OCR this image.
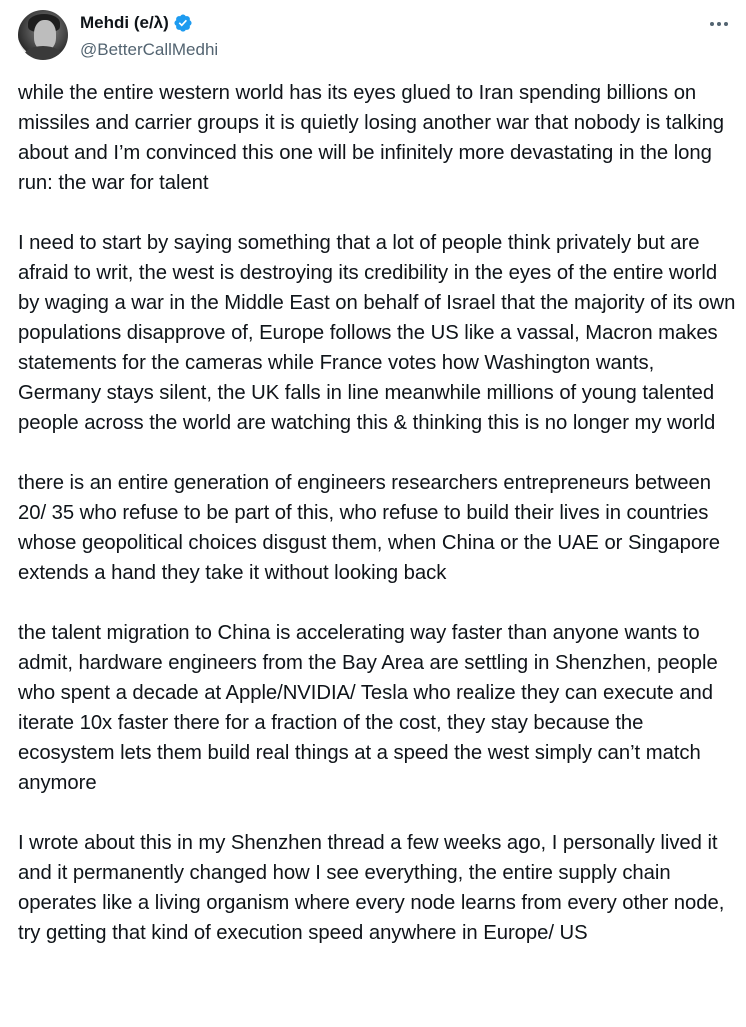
Mehdi (e/λ)
@BetterCallMedhi

while the entire western world has its eyes glued to Iran spending billions on missiles and carrier groups it is quietly losing another war that nobody is talking about and I’m convinced this one will be infinitely more devastating in the long run: the war for talent

I need to start by saying something that a lot of people think privately but are afraid to writ, the west is destroying its credibility in the eyes of the entire world by waging a war in the Middle East on behalf of Israel that the majority of its own populations disapprove of, Europe follows the US like a vassal, Macron makes statements for the cameras while France votes how Washington wants, Germany stays silent, the UK falls in line meanwhile millions of young talented people across the world are watching this & thinking this is no longer my world

there is an entire generation of engineers researchers entrepreneurs between 20/ 35 who refuse to be part of this, who refuse to build their lives in countries whose geopolitical choices disgust them, when China or the UAE or Singapore extends a hand they take it without looking back

the talent migration to China is accelerating way faster than anyone wants to admit, hardware engineers from the Bay Area are settling in Shenzhen, people who spent a decade at Apple/NVIDIA/ Tesla who realize they can execute and iterate 10x faster there for a fraction of the cost, they stay because the ecosystem lets them build real things at a speed the west simply can’t match anymore

I wrote about this in my Shenzhen thread a few weeks ago, I personally lived it and it permanently changed how I see everything, the entire supply chain operates like a living organism where every node learns from every other node, try getting that kind of execution speed anywhere in Europe/ US
